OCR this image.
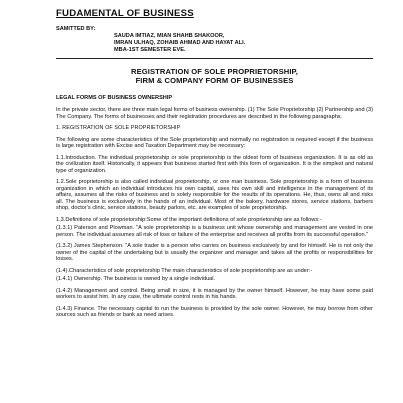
FUDAMENTAL OF BUSINESS
SAMITTED BY:
SAUDA IMTIAZ, MIAN SHAHB SHAKOOR,
IMRAN ULHAQ, ZOHAIB AHMAD AND HAYAT ALI.
MBA-1ST SEMESTER EVE.
REGISTRATION OF SOLE PROPRIETORSHIP,
FIRM & COMPANY FORM OF BUSINESSES
LEGAL FORMS OF BUSINESS OWNERSHIP

In the private sector, there are three main legal forms of business ownership. (1) The Sole Proprietorship (2) Partnership and (3) The Company. The forms of businesses and their registration procedures are described in the following paragraphs.

1. REGISTRATION OF SOLE PROPRIETORSHIP

The following are some characteristics of the Sole proprietorship and normally no registration is required except if the business is large registration with Excise and Taxation Department may be necessary:

1.1.Introduction. The individual proprietorship or sole proprietorship is the oldest form of business organization. It is as old as the civilization itself. Historically, it appears that business started first with this form of organization. It is the simplest and natural type of organization.

1.2.Sole proprietorship is also called individual proprietorship, or one man business. Sole proprietorship is a form of business organization in which an individual introduces his own capital, uses his own skill and intelligence in the management of its affairs, assumes all the risks of business and is solely responsible for the results of its operations. He, thus, owns all and risks all. The business is exclusively in the hands of an individual. Most of the bakery, hardware stores, service stations, barbers shop, doctor's clinic, service stations, beauty parlors, etc. are examples of sole proprietorship.

1.3.Definitions of sole proprietorship:Some of the important definitions of sole proprietorship are as follows:-

(1.3.1) Paterson and Plowman. "A sole proprietorship is a business unit whose ownership and management are vested in one person. The individual assumes all risk of loss or failure of the enterprise and receives all profits from its successful operation."

(1.3.2) James Stephenson. "A sole trader is a person who carries on business exclusively by and for himself. He is not only the owner of the capital of the undertaking but is usually the organizer and manager and takes all the profits or responsibilities for losses.

(1.4).Characteristics of sole proprietorship The main characteristics of sole proprietorship are as under:-

(1.4.1) Ownership. The business is owned by a single individual.

(1.4.2) Management and control. Being small in size, it is managed by the owner himself. However, he may have some paid workers to assist him. In any case, the ultimate control rests in his hands.

(1.4.3) Finance. The necessary capital to run the business is provided by the sole owner. However, he may borrow from other sources such as friends or bank as need arises.
